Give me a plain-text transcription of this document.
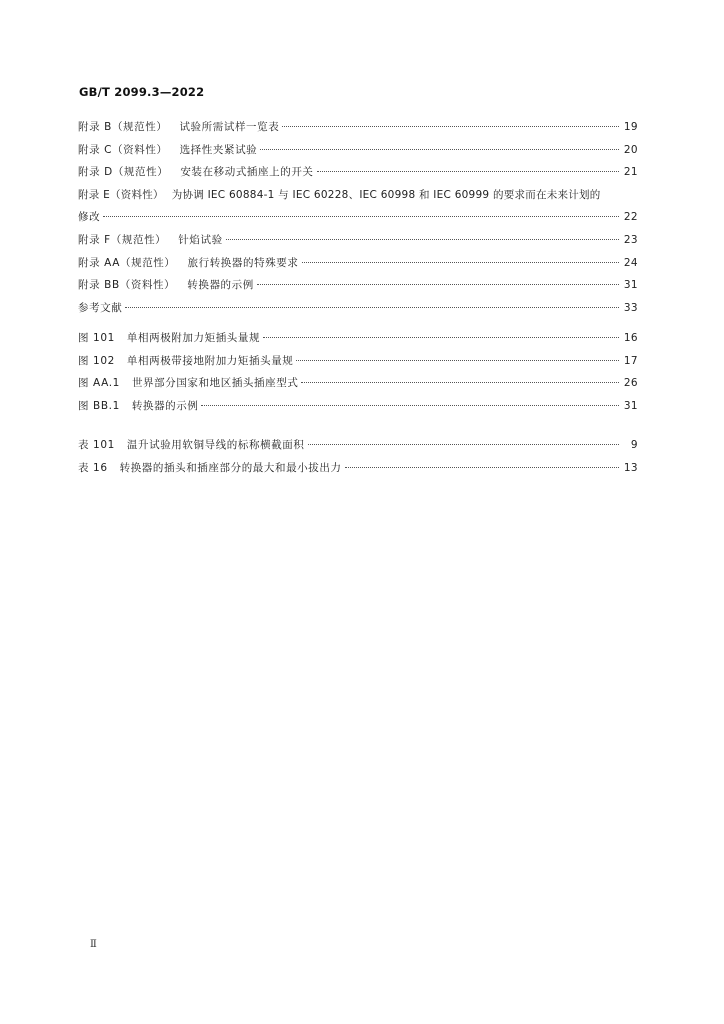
GB/T 2099.3—2022
附录 B（规范性） 试验所需试样一览表	19
附录 C（资料性） 选择性夹紧试验	20
附录 D（规范性） 安装在移动式插座上的开关	21
附录 E（资料性） 为协调 IEC 60884-1 与 IEC 60228、IEC 60998 和 IEC 60999 的要求而在未来计划的
修改	22
附录 F（规范性） 针焰试验	23
附录 AA（规范性） 旅行转换器的特殊要求	24
附录 BB（资料性） 转换器的示例	31
参考文献	33
图 101 单相两极附加力矩插头量规	16
图 102 单相两极带接地附加力矩插头量规	17
图 AA.1 世界部分国家和地区插头插座型式	26
图 BB.1 转换器的示例	31
表 101 温升试验用软铜导线的标称横截面积	9
表 16 转换器的插头和插座部分的最大和最小拔出力	13
Ⅱ
